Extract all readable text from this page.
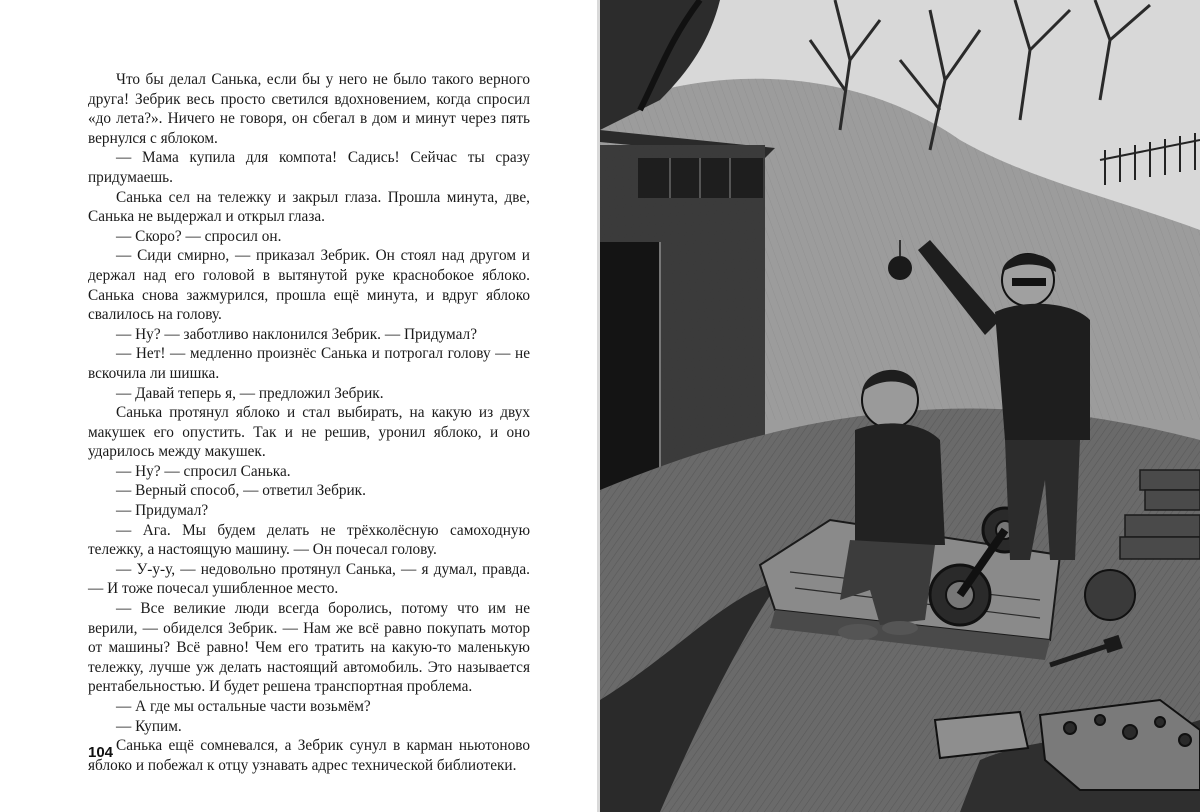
Что бы делал Санька, если бы у него не было такого верного друга! Зебрик весь просто светился вдохновением, когда спросил «до лета?». Ничего не говоря, он сбегал в дом и минут через пять вернулся с яблоком.

— Мама купила для компота! Садись! Сейчас ты сразу придумаешь.

Санька сел на тележку и закрыл глаза. Прошла минута, две, Санька не выдержал и открыл глаза.

— Скоро? — спросил он.

— Сиди смирно, — приказал Зебрик. Он стоял над другом и держал над его головой в вытянутой руке краснобокое яблоко. Санька снова зажмурился, прошла ещё минута, и вдруг яблоко свалилось на голову.

— Ну? — заботливо наклонился Зебрик. — Придумал?

— Нет! — медленно произнёс Санька и потрогал голову — не вскочила ли шишка.

— Давай теперь я, — предложил Зебрик.

Санька протянул яблоко и стал выбирать, на какую из двух макушек его опустить. Так и не решив, уронил яблоко, и оно ударилось между макушек.

— Ну? — спросил Санька.

— Верный способ, — ответил Зебрик.

— Придумал?

— Ага. Мы будем делать не трёхколёсную самоходную тележку, а настоящую машину. — Он почесал голову.

— У-у-у, — недовольно протянул Санька, — я думал, правда. — И тоже почесал ушибленное место.

— Все великие люди всегда боролись, потому что им не верили, — обиделся Зебрик. — Нам же всё равно покупать мотор от машины? Всё равно! Чем его тратить на какую-то маленькую тележку, лучше уж делать настоящий автомобиль. Это называется рентабельностью. И будет решена транспортная проблема.

— А где мы остальные части возьмём?

— Купим.

Санька ещё сомневался, а Зебрик сунул в карман ньютоново яблоко и побежал к отцу узнавать адрес технической библиотеки.

104
